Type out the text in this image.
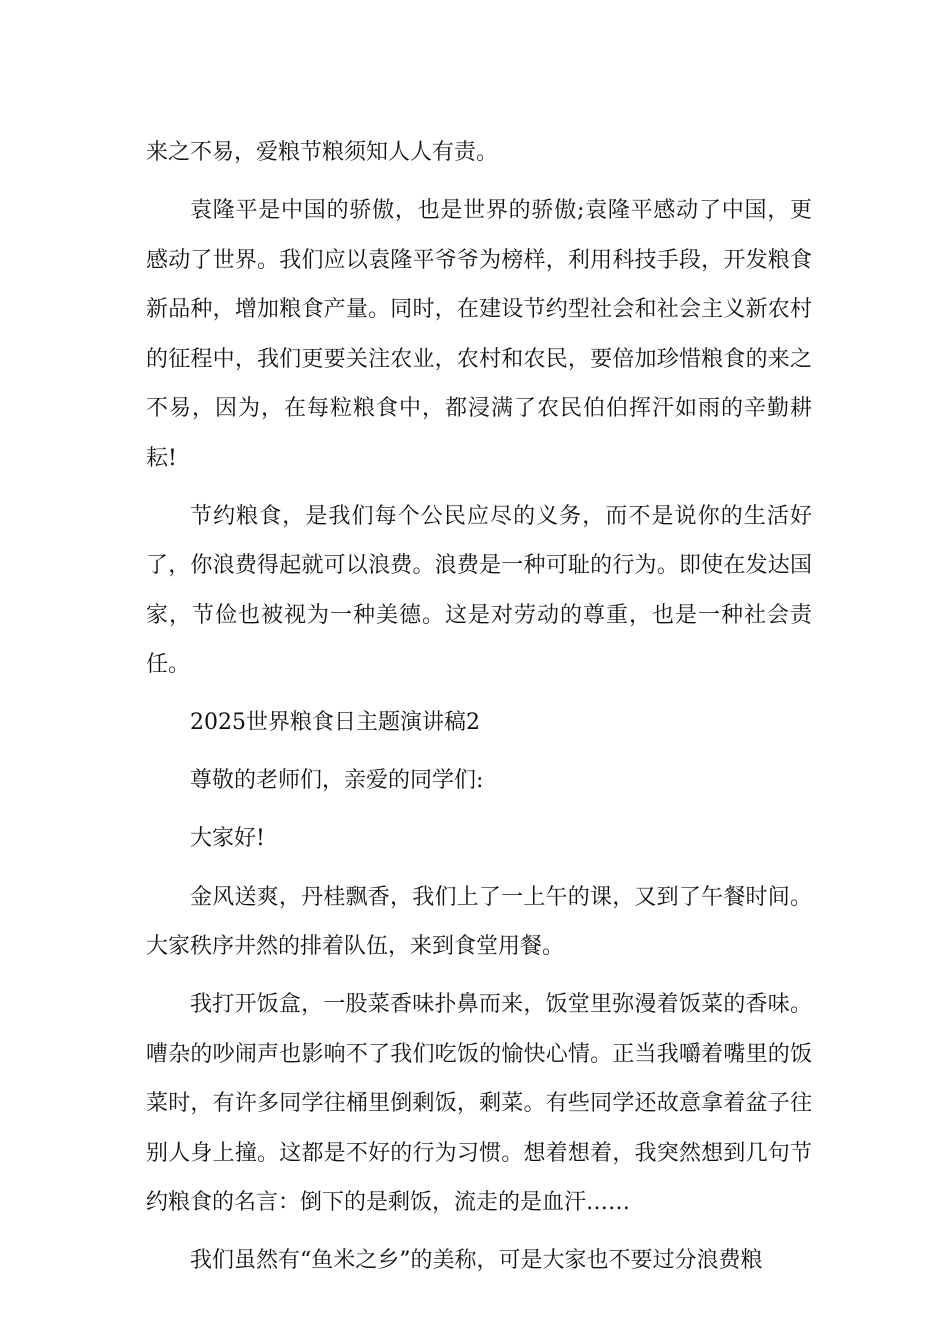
来之不易，爱粮节粮须知人人有责。

袁隆平是中国的骄傲，也是世界的骄傲;袁隆平感动了中国，更感动了世界。我们应以袁隆平爷爷为榜样，利用科技手段，开发粮食新品种，增加粮食产量。同时，在建设节约型社会和社会主义新农村的征程中，我们更要关注农业，农村和农民，要倍加珍惜粮食的来之不易，因为，在每粒粮食中，都浸满了农民伯伯挥汗如雨的辛勤耕耘!

节约粮食，是我们每个公民应尽的义务，而不是说你的生活好了，你浪费得起就可以浪费。浪费是一种可耻的行为。即使在发达国家，节俭也被视为一种美德。这是对劳动的尊重，也是一种社会责任。

2025世界粮食日主题演讲稿2

尊敬的老师们，亲爱的同学们:

大家好!

金风送爽，丹桂飘香，我们上了一上午的课，又到了午餐时间。大家秩序井然的排着队伍，来到食堂用餐。

我打开饭盒，一股菜香味扑鼻而来，饭堂里弥漫着饭菜的香味。嘈杂的吵闹声也影响不了我们吃饭的愉快心情。正当我嚼着嘴里的饭菜时，有许多同学往桶里倒剩饭，剩菜。有些同学还故意拿着盆子往别人身上撞。这都是不好的行为习惯。想着想着，我突然想到几句节约粮食的名言：倒下的是剩饭，流走的是血汗……

我们虽然有“鱼米之乡”的美称，可是大家也不要过分浪费粮
